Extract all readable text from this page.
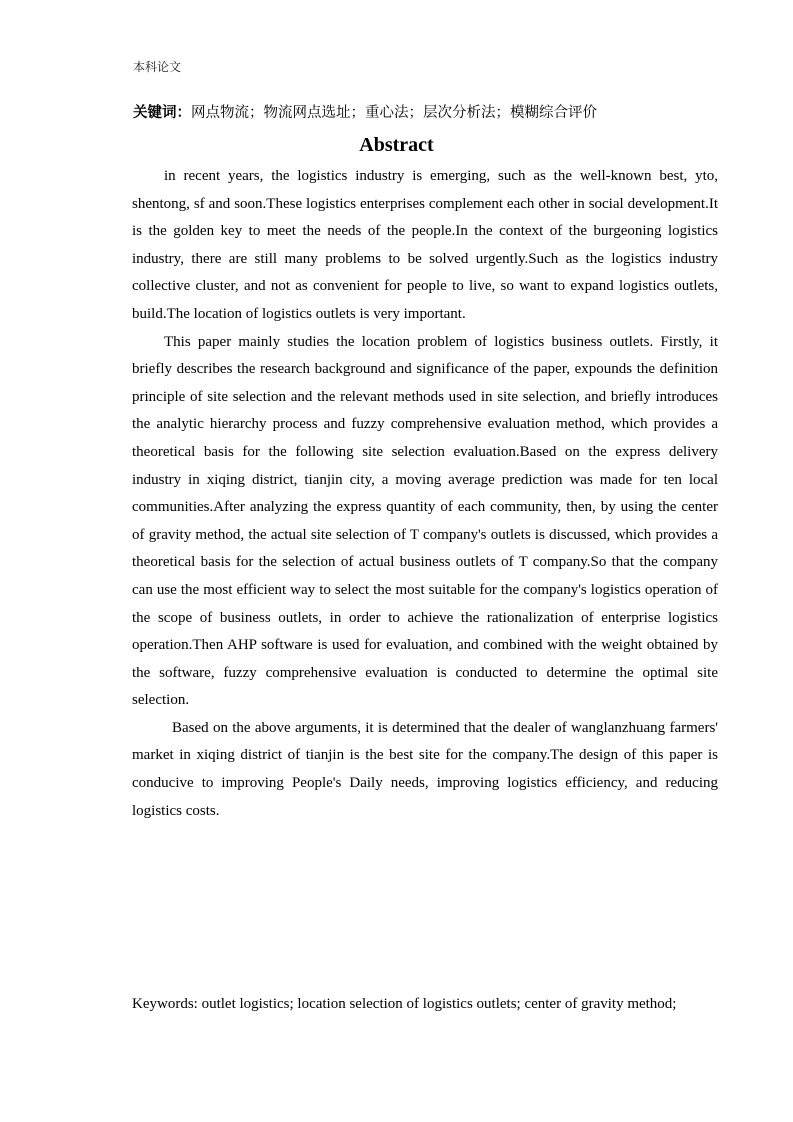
本科论文
关键词：网点物流；物流网点选址；重心法；层次分析法；模糊综合评价
Abstract

in recent years, the logistics industry is emerging, such as the well-known best, yto, shentong, sf and soon.These logistics enterprises complement each other in social development.It is the golden key to meet the needs of the people.In the context of the burgeoning logistics industry, there are still many problems to be solved urgently.Such as the logistics industry collective cluster, and not as convenient for people to live, so want to expand logistics outlets, build.The location of logistics outlets is very important.

This paper mainly studies the location problem of logistics business outlets. Firstly, it briefly describes the research background and significance of the paper, expounds the definition principle of site selection and the relevant methods used in site selection, and briefly introduces the analytic hierarchy process and fuzzy comprehensive evaluation method, which provides a theoretical basis for the following site selection evaluation.Based on the express delivery industry in xiqing district, tianjin city, a moving average prediction was made for ten local communities.After analyzing the express quantity of each community, then, by using the center of gravity method, the actual site selection of T company's outlets is discussed, which provides a theoretical basis for the selection of actual business outlets of T company.So that the company can use the most efficient way to select the most suitable for the company's logistics operation of the scope of business outlets, in order to achieve the rationalization of enterprise logistics operation.Then AHP software is used for evaluation, and combined with the weight obtained by the software, fuzzy comprehensive evaluation is conducted to determine the optimal site selection.

Based on the above arguments, it is determined that the dealer of wanglanzhuang farmers' market in xiqing district of tianjin is the best site for the company.The design of this paper is conducive to improving People's Daily needs, improving logistics efficiency, and reducing logistics costs.

Keywords: outlet logistics; location selection of logistics outlets; center of gravity method;
